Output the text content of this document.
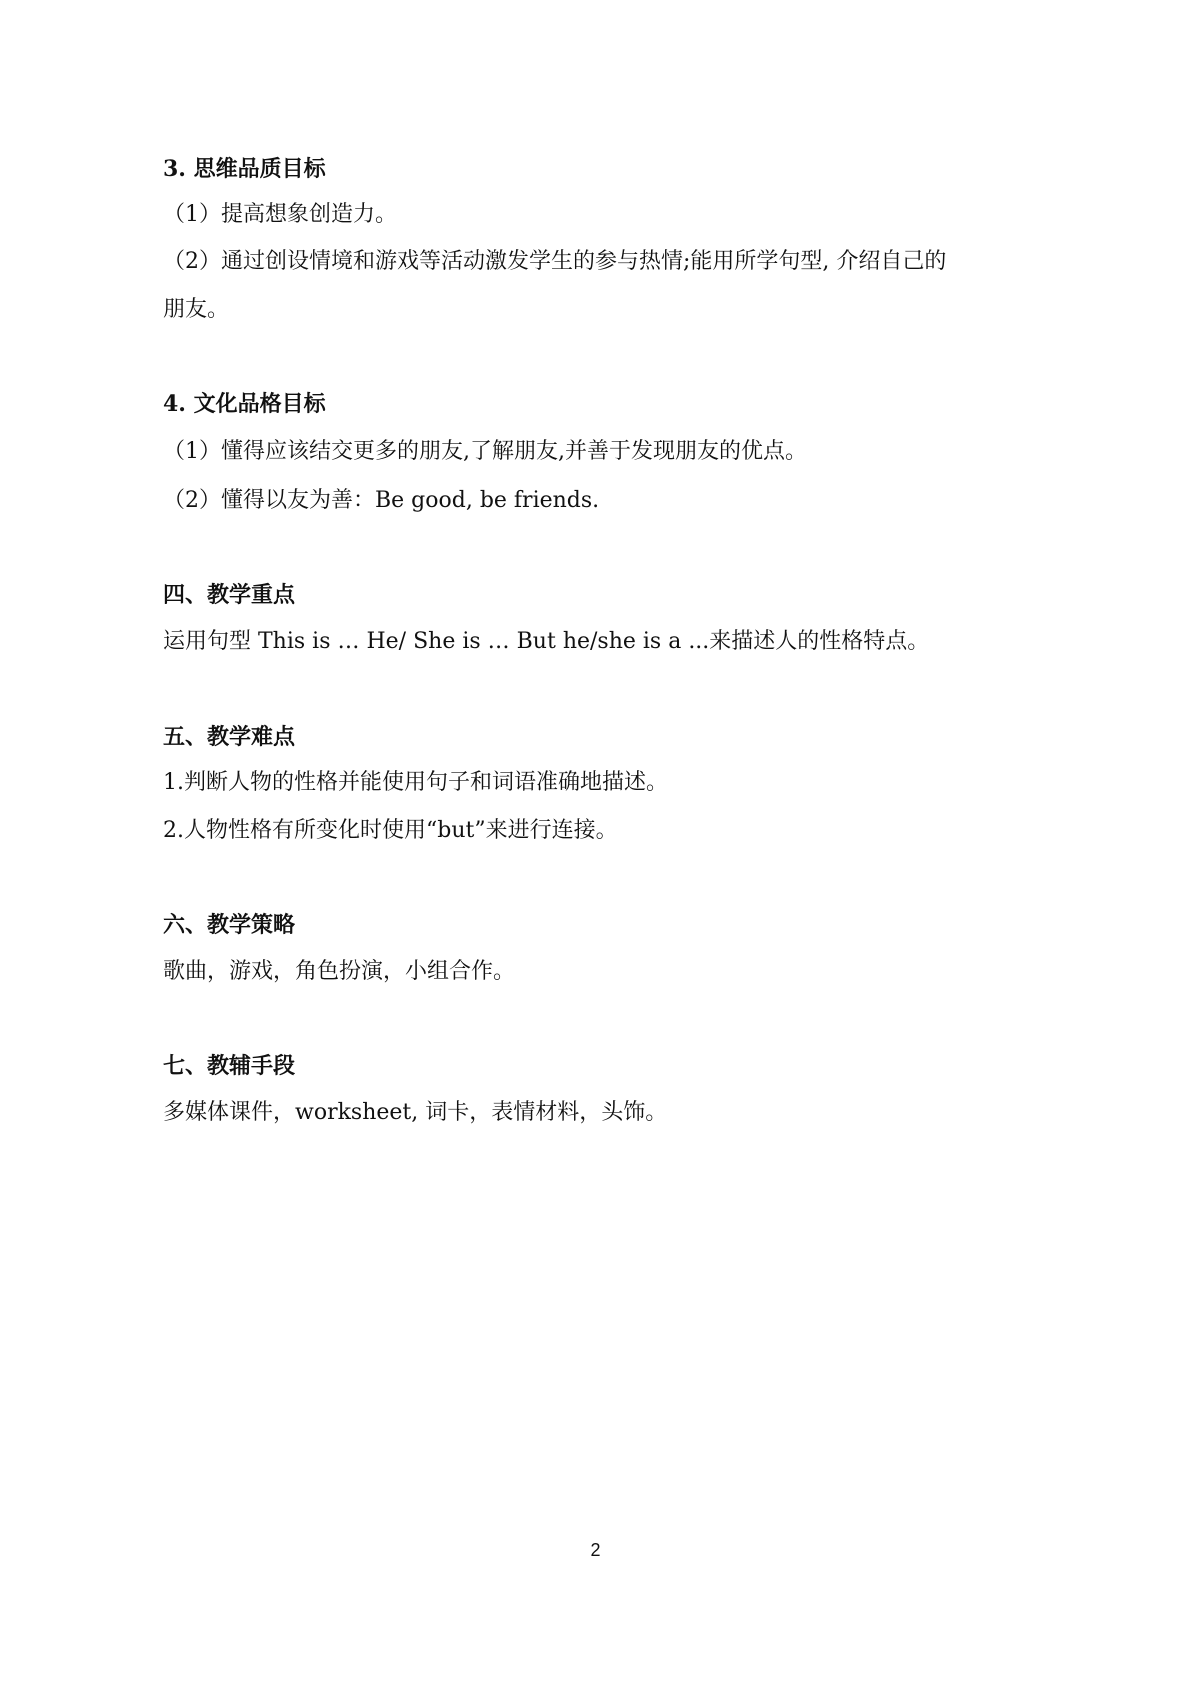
3. 思维品质目标
（1）提高想象创造力。
（2）通过创设情境和游戏等活动激发学生的参与热情;能用所学句型, 介绍自己的
朋友。
4. 文化品格目标
（1）懂得应该结交更多的朋友,了解朋友,并善于发现朋友的优点。
（2）懂得以友为善：Be good, be friends.
四、教学重点
运用句型 This is … He/ She is … But he/she is a ...来描述人的性格特点。
五、教学难点
1.判断人物的性格并能使用句子和词语准确地描述。
2.人物性格有所变化时使用“but”来进行连接。
六、教学策略
歌曲，游戏，角色扮演，小组合作。
七、教辅手段
多媒体课件，worksheet, 词卡，表情材料，头饰。
2
